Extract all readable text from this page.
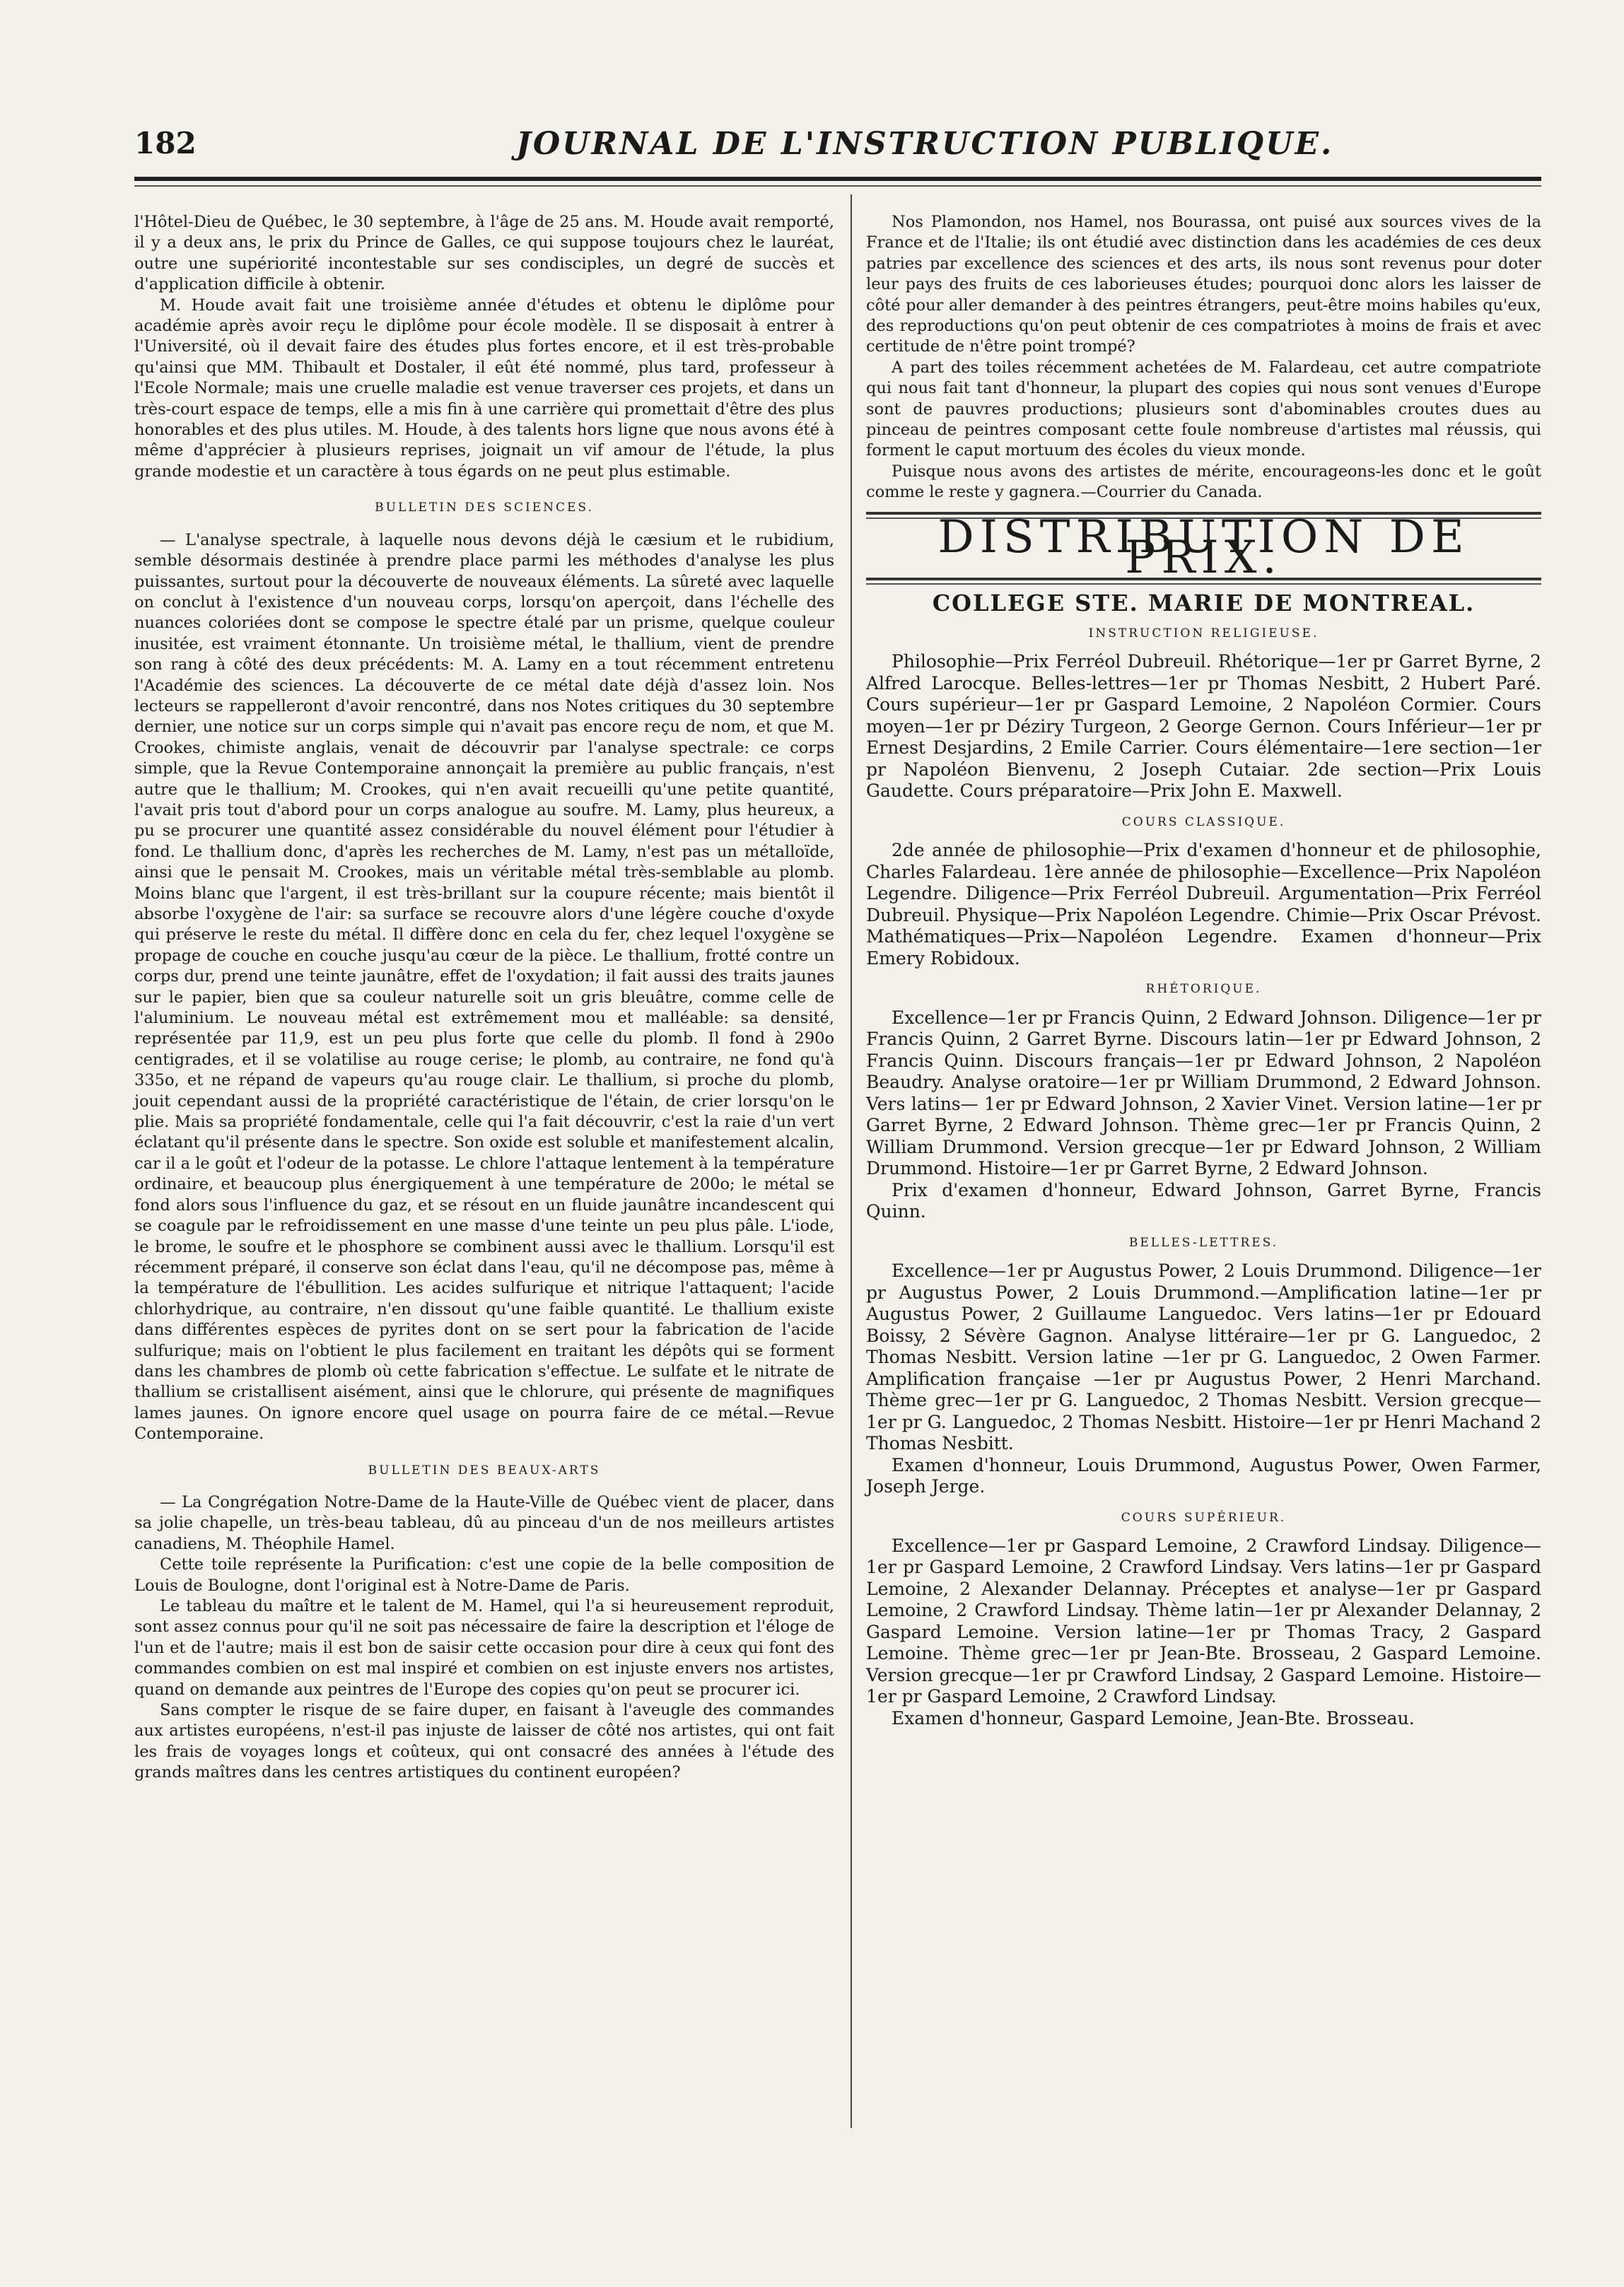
182	JOURNAL DE L'INSTRUCTION PUBLIQUE.

l'Hôtel-Dieu de Québec, le 30 septembre, à l'âge de 25 ans. M. Houde avait remporté, il y a deux ans, le prix du Prince de Galles, ce qui suppose toujours chez le lauréat, outre une supériorité incontestable sur ses condisciples, un degré de succès et d'application difficile à obtenir.

M. Houde avait fait une troisième année d'études et obtenu le diplôme pour académie après avoir reçu le diplôme pour école modèle. Il se disposait à entrer à l'Université, où il devait faire des études plus fortes encore, et il est très-probable qu'ainsi que MM. Thibault et Dostaler, il eût été nommé, plus tard, professeur à l'Ecole Normale; mais une cruelle maladie est venue traverser ces projets, et dans un très-court espace de temps, elle a mis fin à une carrière qui promettait d'être des plus honorables et des plus utiles. M. Houde, à des talents hors ligne que nous avons été à même d'apprécier à plusieurs reprises, joignait un vif amour de l'étude, la plus grande modestie et un caractère à tous égards on ne peut plus estimable.

BULLETIN DES SCIENCES.

— L'analyse spectrale, à laquelle nous devons déjà le cæsium et le rubidium, semble désormais destinée à prendre place parmi les méthodes d'analyse les plus puissantes, surtout pour la découverte de nouveaux éléments. La sûreté avec laquelle on conclut à l'existence d'un nouveau corps, lorsqu'on aperçoit, dans l'échelle des nuances coloriées dont se compose le spectre étalé par un prisme, quelque couleur inusitée, est vraiment étonnante. Un troisième métal, le thallium, vient de prendre son rang à côté des deux précédents: M. A. Lamy en a tout récemment entretenu l'Académie des sciences. La découverte de ce métal date déjà d'assez loin. Nos lecteurs se rappelleront d'avoir rencontré, dans nos Notes critiques du 30 septembre dernier, une notice sur un corps simple qui n'avait pas encore reçu de nom, et que M. Crookes, chimiste anglais, venait de découvrir par l'analyse spectrale: ce corps simple, que la Revue Contemporaine annonçait la première au public français, n'est autre que le thallium; M. Crookes, qui n'en avait recueilli qu'une petite quantité, l'avait pris tout d'abord pour un corps analogue au soufre. M. Lamy, plus heureux, a pu se procurer une quantité assez considérable du nouvel élément pour l'étudier à fond. Le thallium donc, d'après les recherches de M. Lamy, n'est pas un métalloïde, ainsi que le pensait M. Crookes, mais un véritable métal très-semblable au plomb. Moins blanc que l'argent, il est très-brillant sur la coupure récente; mais bientôt il absorbe l'oxygène de l'air: sa surface se recouvre alors d'une légère couche d'oxyde qui préserve le reste du métal. Il diffère donc en cela du fer, chez lequel l'oxygène se propage de couche en couche jusqu'au cœur de la pièce. Le thallium, frotté contre un corps dur, prend une teinte jaunâtre, effet de l'oxydation; il fait aussi des traits jaunes sur le papier, bien que sa couleur naturelle soit un gris bleuâtre, comme celle de l'aluminium. Le nouveau métal est extrêmement mou et malléable: sa densité, représentée par 11,9, est un peu plus forte que celle du plomb. Il fond à 290o centigrades, et il se volatilise au rouge cerise; le plomb, au contraire, ne fond qu'à 335o, et ne répand de vapeurs qu'au rouge clair. Le thallium, si proche du plomb, jouit cependant aussi de la propriété caractéristique de l'étain, de crier lorsqu'on le plie. Mais sa propriété fondamentale, celle qui l'a fait découvrir, c'est la raie d'un vert éclatant qu'il présente dans le spectre. Son oxide est soluble et manifestement alcalin, car il a le goût et l'odeur de la potasse. Le chlore l'attaque lentement à la température ordinaire, et beaucoup plus énergiquement à une température de 200o; le métal se fond alors sous l'influence du gaz, et se résout en un fluide jaunâtre incandescent qui se coagule par le refroidissement en une masse d'une teinte un peu plus pâle. L'iode, le brome, le soufre et le phosphore se combinent aussi avec le thallium. Lorsqu'il est récemment préparé, il conserve son éclat dans l'eau, qu'il ne décompose pas, même à la température de l'ébullition. Les acides sulfurique et nitrique l'attaquent; l'acide chlorhydrique, au contraire, n'en dissout qu'une faible quantité. Le thallium existe dans différentes espèces de pyrites dont on se sert pour la fabrication de l'acide sulfurique; mais on l'obtient le plus facilement en traitant les dépôts qui se forment dans les chambres de plomb où cette fabrication s'effectue. Le sulfate et le nitrate de thallium se cristallisent aisément, ainsi que le chlorure, qui présente de magnifiques lames jaunes. On ignore encore quel usage on pourra faire de ce métal.—Revue Contemporaine.

BULLETIN DES BEAUX-ARTS

— La Congrégation Notre-Dame de la Haute-Ville de Québec vient de placer, dans sa jolie chapelle, un très-beau tableau, dû au pinceau d'un de nos meilleurs artistes canadiens, M. Théophile Hamel.

Cette toile représente la Purification: c'est une copie de la belle composition de Louis de Boulogne, dont l'original est à Notre-Dame de Paris.

Le tableau du maître et le talent de M. Hamel, qui l'a si heureusement reproduit, sont assez connus pour qu'il ne soit pas nécessaire de faire la description et l'éloge de l'un et de l'autre; mais il est bon de saisir cette occasion pour dire à ceux qui font des commandes combien on est mal inspiré et combien on est injuste envers nos artistes, quand on demande aux peintres de l'Europe des copies qu'on peut se procurer ici.

Sans compter le risque de se faire duper, en faisant à l'aveugle des commandes aux artistes européens, n'est-il pas injuste de laisser de côté nos artistes, qui ont fait les frais de voyages longs et coûteux, qui ont consacré des années à l'étude des grands maîtres dans les centres artistiques du continent européen?

Nos Plamondon, nos Hamel, nos Bourassa, ont puisé aux sources vives de la France et de l'Italie; ils ont étudié avec distinction dans les académies de ces deux patries par excellence des sciences et des arts, ils nous sont revenus pour doter leur pays des fruits de ces laborieuses études; pourquoi donc alors les laisser de côté pour aller demander à des peintres étrangers, peut-être moins habiles qu'eux, des reproductions qu'on peut obtenir de ces compatriotes à moins de frais et avec certitude de n'être point trompé?

A part des toiles récemment achetées de M. Falardeau, cet autre compatriote qui nous fait tant d'honneur, la plupart des copies qui nous sont venues d'Europe sont de pauvres productions; plusieurs sont d'abominables croutes dues au pinceau de peintres composant cette foule nombreuse d'artistes mal réussis, qui forment le caput mortuum des écoles du vieux monde.

Puisque nous avons des artistes de mérite, encourageons-les donc et le goût comme le reste y gagnera.—Courrier du Canada.

DISTRIBUTION DE PRIX.
COLLEGE STE. MARIE DE MONTREAL.
INSTRUCTION RELIGIEUSE.

Philosophie—Prix Ferréol Dubreuil. Rhétorique—1er pr Garret Byrne, 2 Alfred Larocque. Belles-lettres—1er pr Thomas Nesbitt, 2 Hubert Paré. Cours supérieur—1er pr Gaspard Lemoine, 2 Napoléon Cormier. Cours moyen—1er pr Déziry Turgeon, 2 George Gernon. Cours Inférieur—1er pr Ernest Desjardins, 2 Emile Carrier. Cours élémentaire—1ere section—1er pr Napoléon Bienvenu, 2 Joseph Cutaiar. 2de section—Prix Louis Gaudette. Cours préparatoire—Prix John E. Maxwell.

COURS CLASSIQUE.

2de année de philosophie—Prix d'examen d'honneur et de philosophie, Charles Falardeau. 1ère année de philosophie—Excellence—Prix Napoléon Legendre. Diligence—Prix Ferréol Dubreuil. Argumentation—Prix Ferréol Dubreuil. Physique—Prix Napoléon Legendre. Chimie—Prix Oscar Prévost. Mathématiques—Prix—Napoléon Legendre. Examen d'honneur—Prix Emery Robidoux.

RHÉTORIQUE.

Excellence—1er pr Francis Quinn, 2 Edward Johnson. Diligence—1er pr Francis Quinn, 2 Garret Byrne. Discours latin—1er pr Edward Johnson, 2 Francis Quinn. Discours français—1er pr Edward Johnson, 2 Napoléon Beaudry. Analyse oratoire—1er pr William Drummond, 2 Edward Johnson. Vers latins— 1er pr Edward Johnson, 2 Xavier Vinet. Version latine—1er pr Garret Byrne, 2 Edward Johnson. Thème grec—1er pr Francis Quinn, 2 William Drummond. Version grecque—1er pr Edward Johnson, 2 William Drummond. Histoire—1er pr Garret Byrne, 2 Edward Johnson.

Prix d'examen d'honneur, Edward Johnson, Garret Byrne, Francis Quinn.

BELLES-LETTRES.

Excellence—1er pr Augustus Power, 2 Louis Drummond. Diligence—1er pr Augustus Power, 2 Louis Drummond.—Amplification latine—1er pr Augustus Power, 2 Guillaume Languedoc. Vers latins—1er pr Edouard Boissy, 2 Sévère Gagnon. Analyse littéraire—1er pr G. Languedoc, 2 Thomas Nesbitt. Version latine —1er pr G. Languedoc, 2 Owen Farmer. Amplification française —1er pr Augustus Power, 2 Henri Marchand. Thème grec—1er pr G. Languedoc, 2 Thomas Nesbitt. Version grecque—1er pr G. Languedoc, 2 Thomas Nesbitt. Histoire—1er pr Henri Machand 2 Thomas Nesbitt.

Examen d'honneur, Louis Drummond, Augustus Power, Owen Farmer, Joseph Jerge.

COURS SUPÉRIEUR.

Excellence—1er pr Gaspard Lemoine, 2 Crawford Lindsay. Diligence—1er pr Gaspard Lemoine, 2 Crawford Lindsay. Vers latins—1er pr Gaspard Lemoine, 2 Alexander Delannay. Préceptes et analyse—1er pr Gaspard Lemoine, 2 Crawford Lindsay. Thème latin—1er pr Alexander Delannay, 2 Gaspard Lemoine. Version latine—1er pr Thomas Tracy, 2 Gaspard Lemoine. Thème grec—1er pr Jean-Bte. Brosseau, 2 Gaspard Lemoine. Version grecque—1er pr Crawford Lindsay, 2 Gaspard Lemoine. Histoire—1er pr Gaspard Lemoine, 2 Crawford Lindsay.

Examen d'honneur, Gaspard Lemoine, Jean-Bte. Brosseau.
